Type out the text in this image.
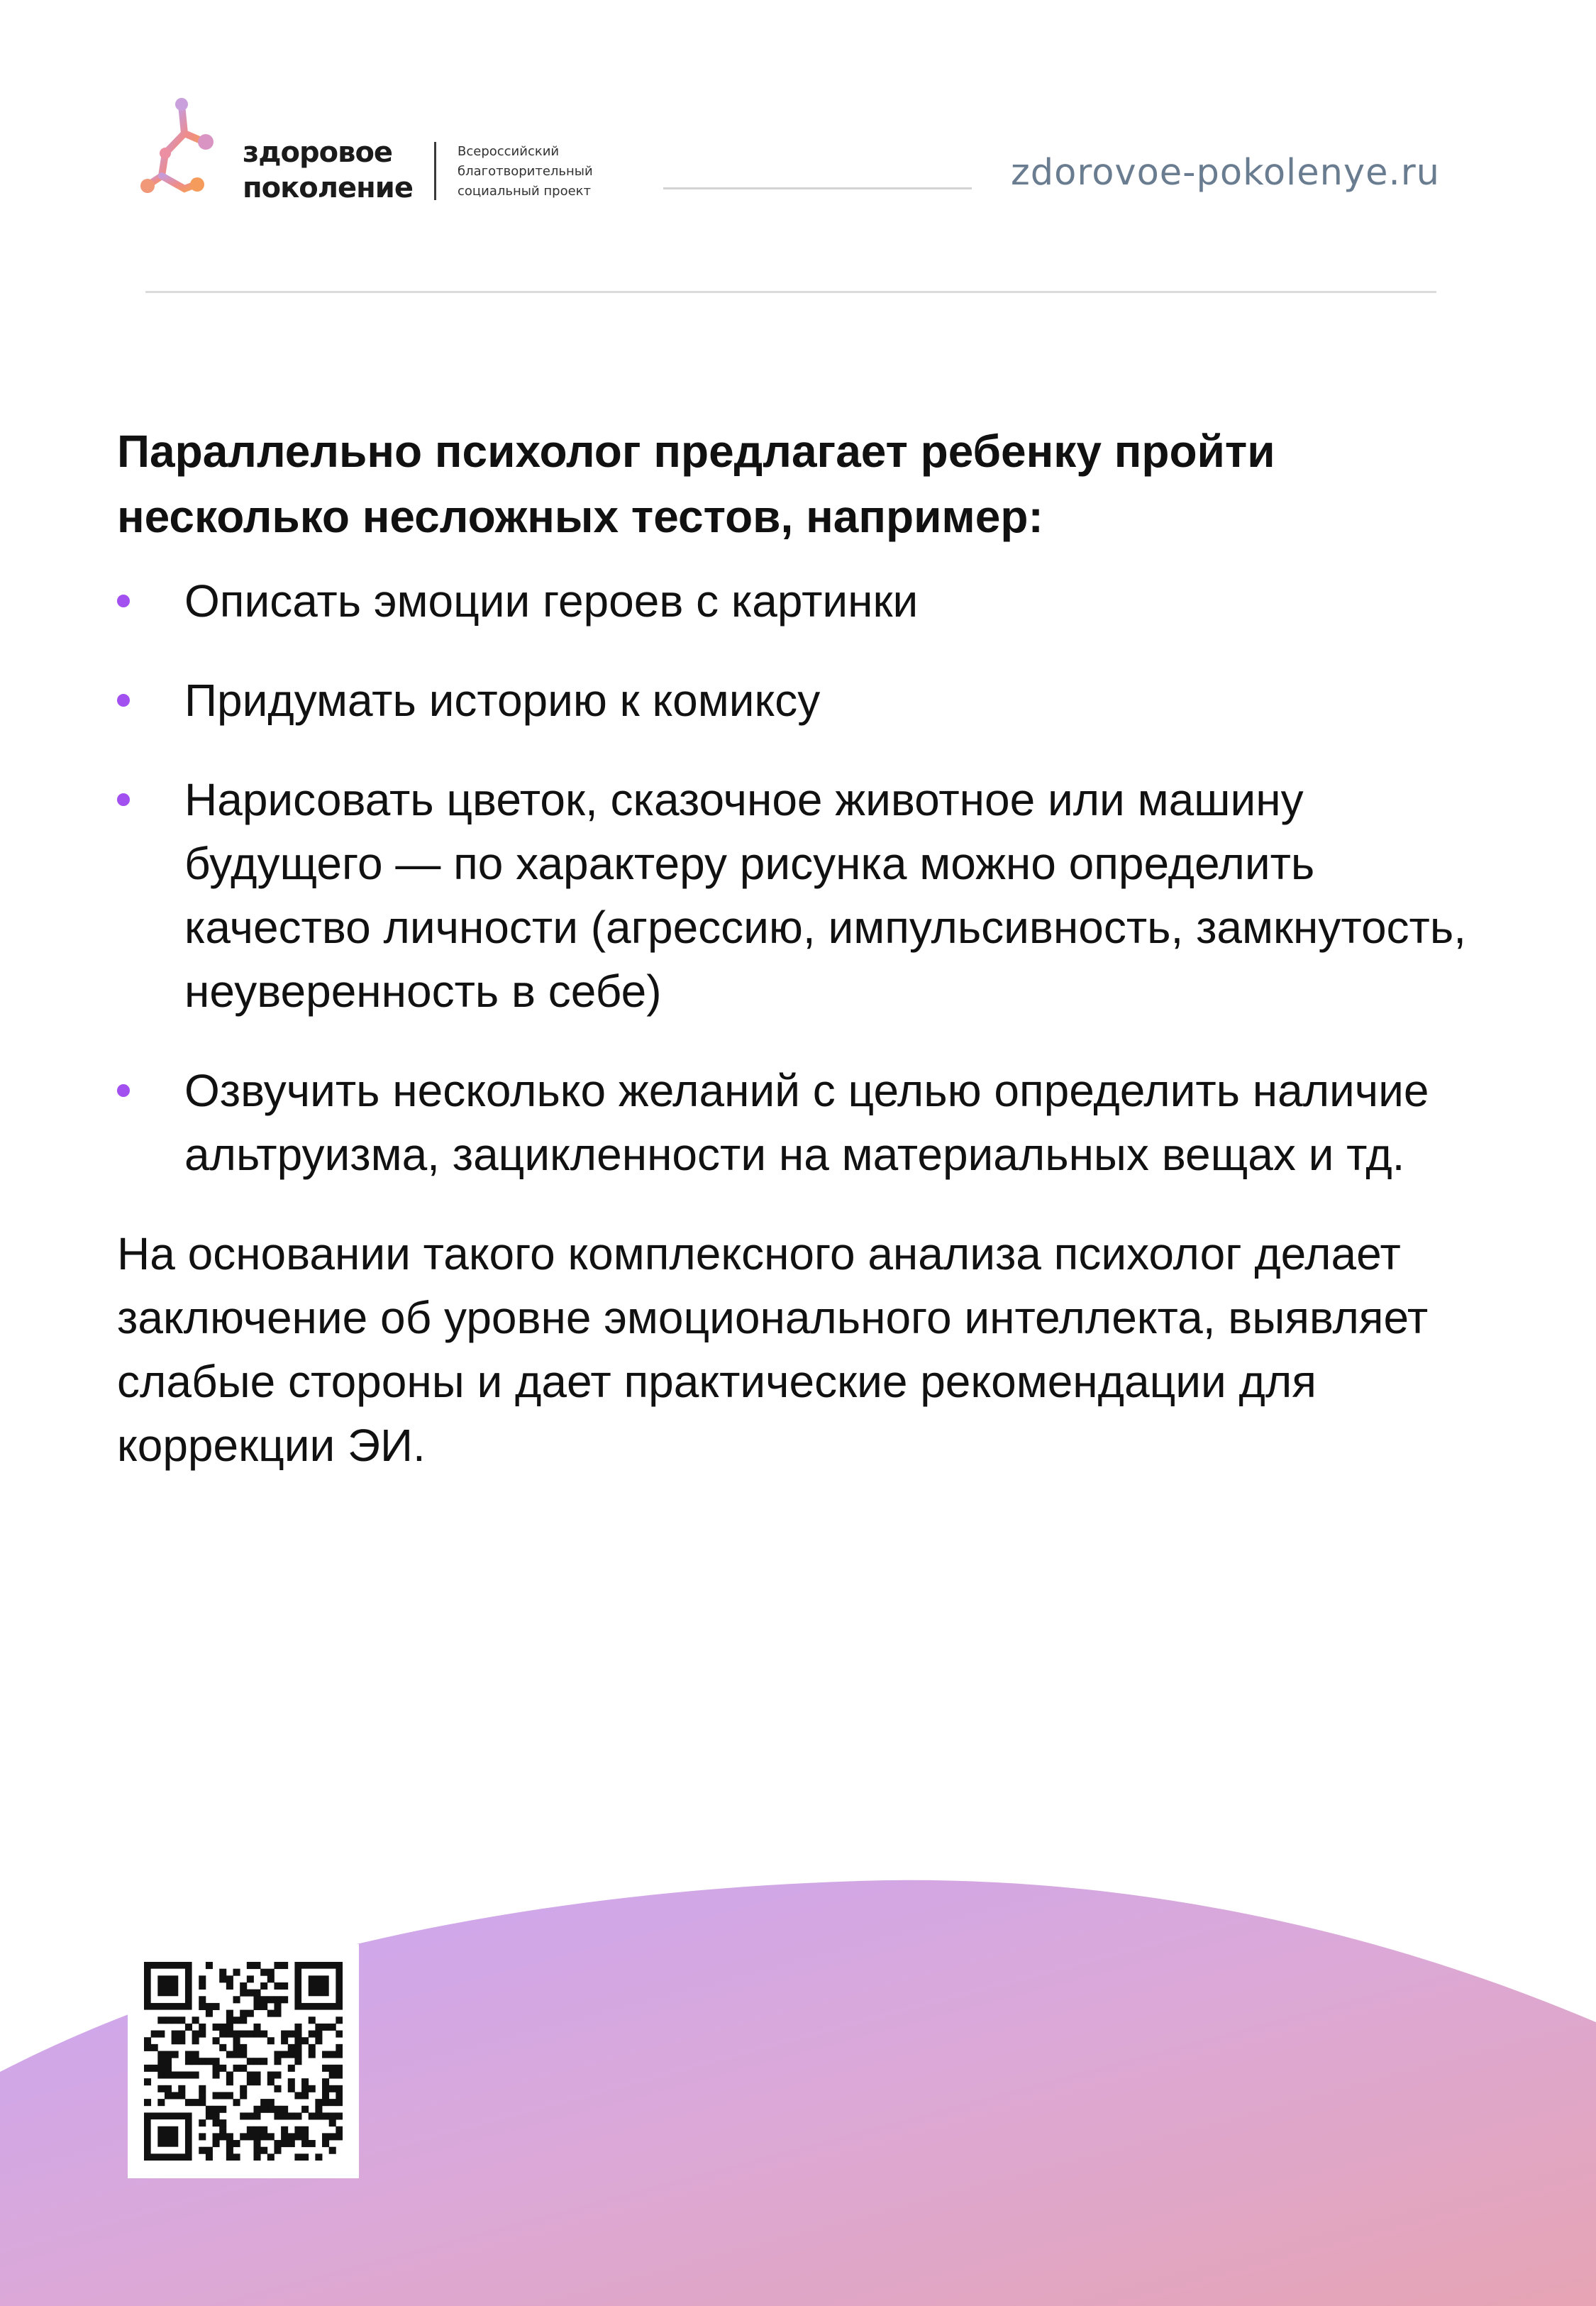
здоровое
поколение
Всероссийский
благотворительный
социальный проект	zdorovoe-pokolenye.ru

Параллельно психолог предлагает ребенку пройти несколько несложных тестов, например:

Описать эмоции героев с картинки
Придумать историю к комиксу
Нарисовать цветок, сказочное животное или машину будущего — по характеру рисунка можно определить качество личности (агрессию, импульсивность, замкнутость, неуверенность в себе)
Озвучить несколько желаний с целью определить наличие альтруизма, зацикленности на материальных вещах и тд.

На основании такого комплексного анализа психолог делает заключение об уровне эмоционального интеллекта, выявляет слабые стороны и дает практические рекомендации для коррекции ЭИ.
